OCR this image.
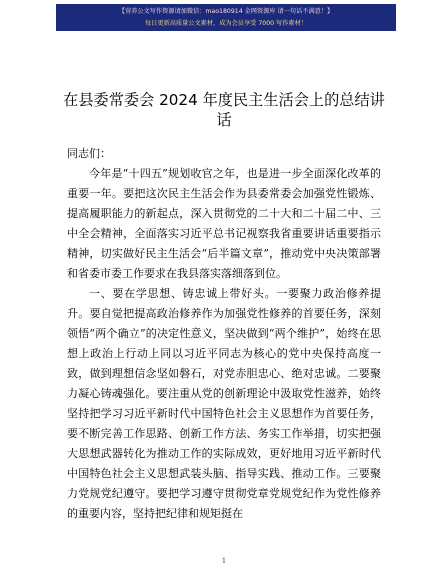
【营养公文写作资源请加微信：mao180914 金网资源库 请一句话不满意！】
每日更新高质量公文素材，成为会员享受 7000 写作素材！
在县委常委会 2024 年度民主生活会上的总结讲
话

同志们：

今年是“十四五”规划收官之年，也是进一步全面深化改革的重要一年。要把这次民主生活会作为县委常委会加强党性锻炼、提高履职能力的新起点，深入贯彻党的二十大和二十届二中、三中全会精神，全面落实习近平总书记视察我省重要讲话重要指示精神，切实做好民主生活会“后半篇文章”，推动党中央决策部署和省委市委工作要求在我县落实落细落到位。

一、要在学思想、铸忠诚上带好头。一要聚力政治修养提升。要自觉把提高政治修养作为加强党性修养的首要任务，深刻领悟“两个确立”的决定性意义，坚决做到“两个维护”，始终在思想上政治上行动上同以习近平同志为核心的党中央保持高度一致，做到理想信念坚如磐石，对党赤胆忠心、绝对忠诚。二要聚力凝心铸魂强化。要注重从党的创新理论中汲取党性滋养，始终坚持把学习习近平新时代中国特色社会主义思想作为首要任务，要不断完善工作思路、创新工作方法、务实工作举措，切实把强大思想武器转化为推动工作的实际成效，更好地用习近平新时代中国特色社会主义思想武装头脑、指导实践、推动工作。三要聚力党规党纪遵守。要把学习遵守贯彻党章党规党纪作为党性修养的重要内容，坚持把纪律和规矩挺在

1
